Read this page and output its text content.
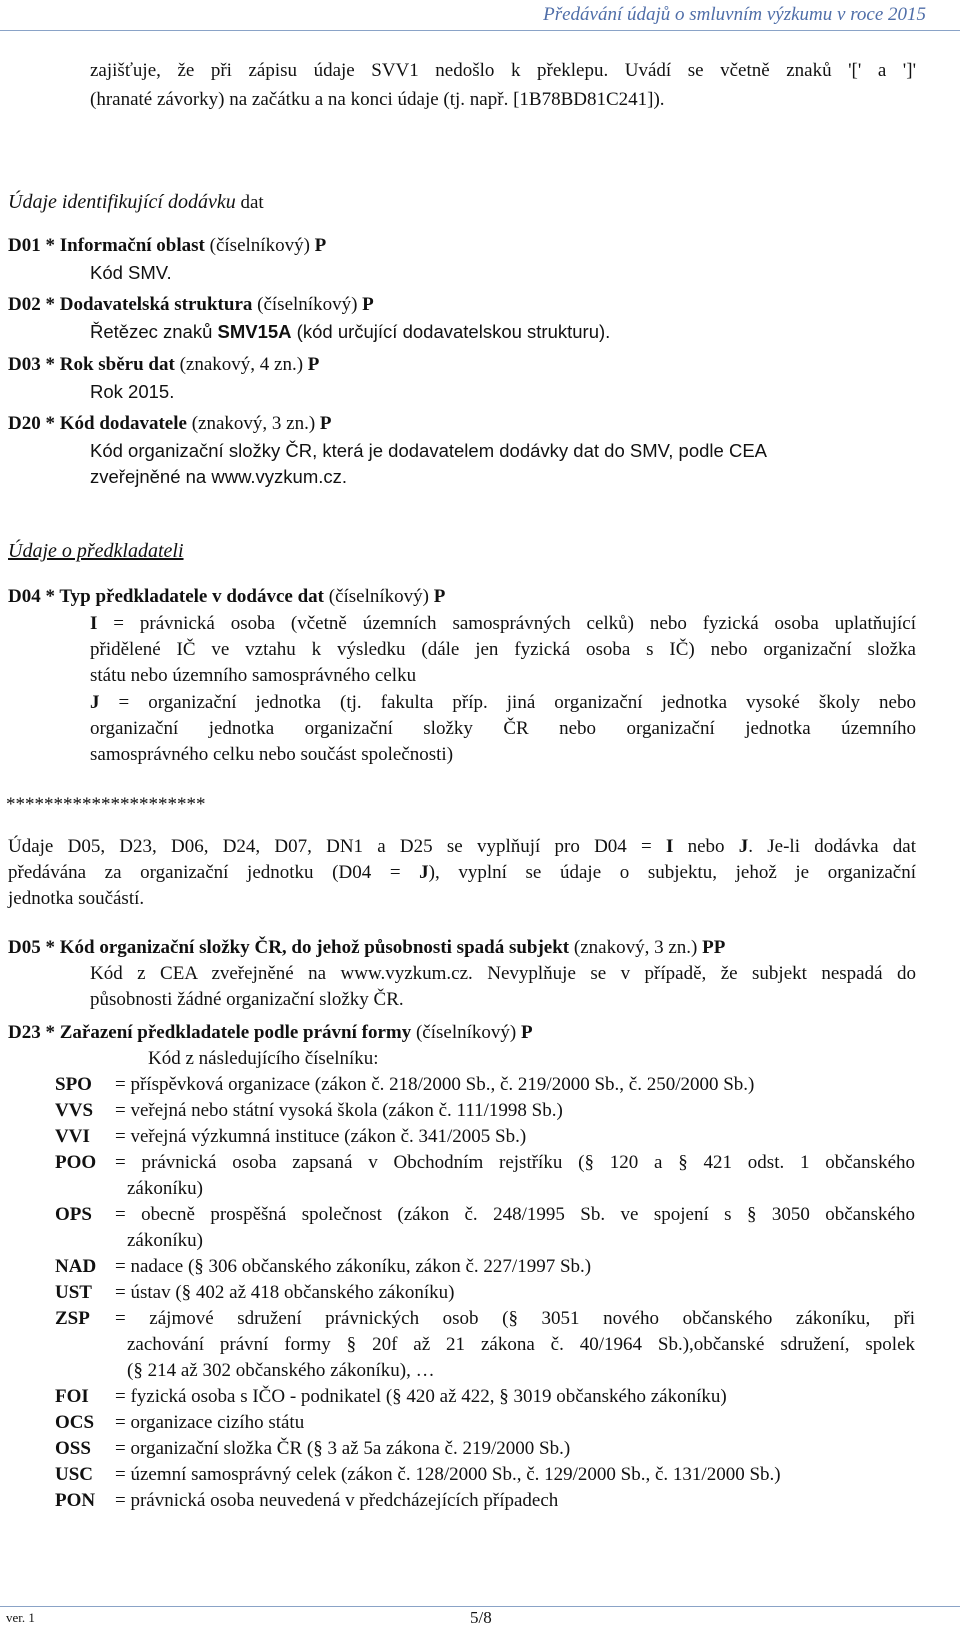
Předávání údajů o smluvním výzkumu v roce 2015
zajišťuje, že při zápisu údaje SVV1 nedošlo k překlepu. Uvádí se včetně znaků '[' a ']'
(hranaté závorky) na začátku a na konci údaje (tj. např. [1B78BD81C241]).
Údaje identifikující dodávku dat
D01 * Informační oblast (číselníkový) P
Kód SMV.
D02 * Dodavatelská struktura (číselníkový) P
Řetězec znaků SMV15A (kód určující dodavatelskou strukturu).
D03 * Rok sběru dat (znakový, 4 zn.) P
Rok 2015.
D20 * Kód dodavatele (znakový, 3 zn.) P
Kód organizační složky ČR, která je dodavatelem dodávky dat do SMV, podle CEA
zveřejněné na www.vyzkum.cz.
Údaje o předkladateli
D04 * Typ předkladatele v dodávce dat (číselníkový) P
I = právnická osoba (včetně územních samosprávných celků) nebo fyzická osoba uplatňující
přidělené IČ ve vztahu k výsledku (dále jen fyzická osoba s IČ) nebo organizační složka
státu nebo územního samosprávného celku
J = organizační jednotka (tj. fakulta příp. jiná organizační jednotka vysoké školy nebo
organizační jednotka organizační složky ČR nebo organizační jednotka územního
samosprávného celku nebo součást společnosti)
*********************
Údaje D05, D23, D06, D24, D07, DN1 a D25 se vyplňují pro D04 = I nebo J. Je-li dodávka dat
předávána za organizační jednotku (D04 = J), vyplní se údaje o subjektu, jehož je organizační
jednotka součástí.
D05 * Kód organizační složky ČR, do jehož působnosti spadá subjekt (znakový, 3 zn.) PP
Kód z CEA zveřejněné na www.vyzkum.cz. Nevyplňuje se v případě, že subjekt nespadá do
působnosti žádné organizační složky ČR.
D23 * Zařazení předkladatele podle právní formy (číselníkový) P
Kód z následujícího číselníku:
SPO	= příspěvková organizace (zákon č. 218/2000 Sb., č. 219/2000 Sb., č. 250/2000 Sb.)
VVS	= veřejná nebo státní vysoká škola (zákon č. 111/1998 Sb.)
VVI	= veřejná výzkumná instituce (zákon č. 341/2005 Sb.)
POO = právnická osoba zapsaná v Obchodním rejstříku (§ 120 a § 421 odst. 1 občanského
zákoníku)
OPS	= obecně prospěšná společnost (zákon č. 248/1995 Sb. ve spojení s § 3050 občanského
zákoníku)
NAD = nadace (§ 306 občanského zákoníku, zákon č. 227/1997 Sb.)
UST	= ústav (§ 402 až 418 občanského zákoníku)
ZSP	= zájmové sdružení právnických osob (§ 3051 nového občanského zákoníku, při
zachování právní formy § 20f až 21 zákona č. 40/1964 Sb.),občanské sdružení, spolek
(§ 214 až 302 občanského zákoníku), …
FOI	= fyzická osoba s IČO - podnikatel (§ 420 až 422, § 3019 občanského zákoníku)
OCS	= organizace cizího státu
OSS	= organizační složka ČR (§ 3 až 5a zákona č. 219/2000 Sb.)
USC	= územní samosprávný celek (zákon č. 128/2000 Sb., č. 129/2000 Sb., č. 131/2000 Sb.)
PON	= právnická osoba neuvedená v předcházejících případech
ver. 1	5/8
